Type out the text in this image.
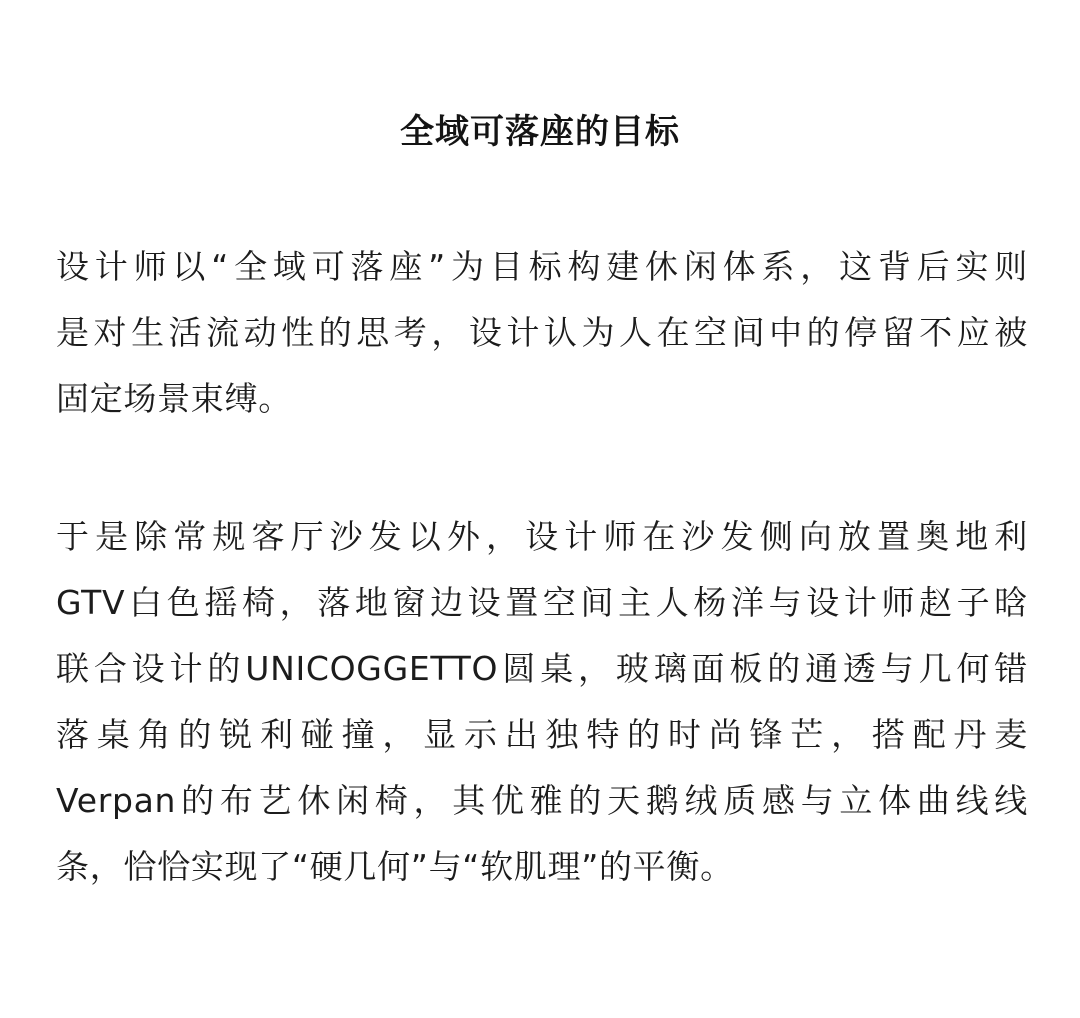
全域可落座的目标
设计师以“全域可落座”为目标构建休闲体系，这背后实则
是对生活流动性的思考，设计认为人在空间中的停留不应被
固定场景束缚。
于是除常规客厅沙发以外，设计师在沙发侧向放置奥地利
GTV白色摇椅，落地窗边设置空间主人杨洋与设计师赵子晗
联合设计的UNICOGGETTO圆桌，玻璃面板的通透与几何错
落桌角的锐利碰撞，显示出独特的时尚锋芒，搭配丹麦
Verpan的布艺休闲椅，其优雅的天鹅绒质感与立体曲线线
条，恰恰实现了“硬几何”与“软肌理”的平衡。
